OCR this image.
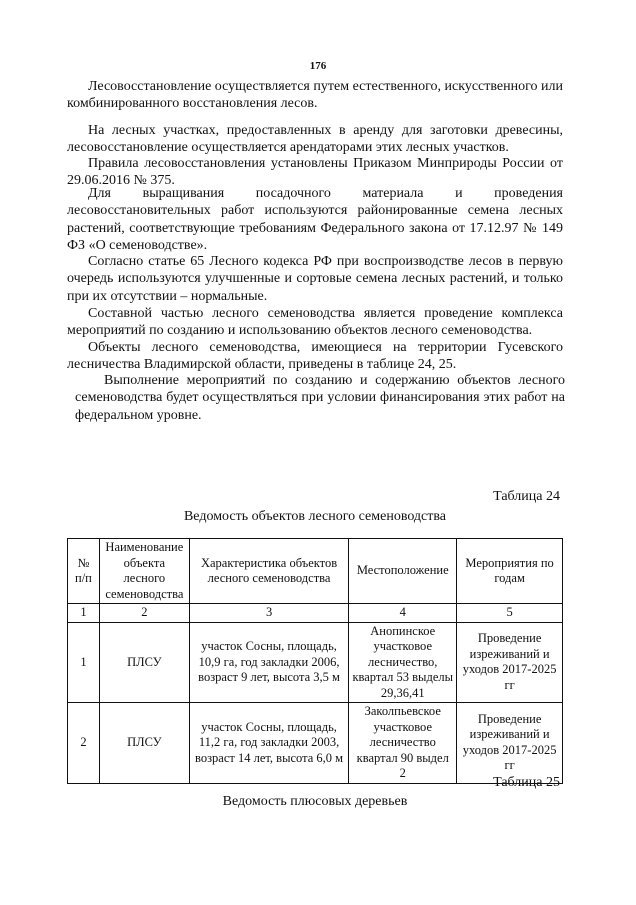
176
Лесовосстановление осуществляется путем естественного, искусственного или комбинированного восстановления лесов.
На лесных участках, предоставленных в аренду для заготовки древесины, лесовосстановление осуществляется арендаторами этих лесных участков.
Правила лесовосстановления установлены Приказом Минприроды России от 29.06.2016 № 375.
Для выращивания посадочного материала и проведения лесовосстановительных работ используются районированные семена лесных растений, соответствующие требованиям Федерального закона от 17.12.97 № 149 ФЗ «О семеноводстве».
Согласно статье 65 Лесного кодекса РФ при воспроизводстве лесов в первую очередь используются улучшенные и сортовые семена лесных растений, и только при их отсутствии – нормальные.
Составной частью лесного семеноводства является проведение комплекса мероприятий по созданию и использованию объектов лесного семеноводства.
Объекты лесного семеноводства, имеющиеся на территории Гусевского лесничества Владимирской области, приведены в таблице 24, 25.
Выполнение мероприятий по созданию и содержанию объектов лесного семеноводства будет осуществляться при условии финансирования этих работ на федеральном уровне.
Таблица 24
Ведомость объектов лесного семеноводства
№ п/п	Наименование объекта лесного семеноводства	Характеристика объектов лесного семеноводства	Местоположение	Мероприятия по годам
1	2	3	4	5
1	ПЛСУ	участок Сосны, площадь, 10,9 га, год закладки 2006, возраст 9 лет, высота 3,5 м	Анопинское участковое лесничество, квартал 53 выделы 29,36,41	Проведение изреживаний и уходов 2017-2025 гг
2	ПЛСУ	участок Сосны, площадь, 11,2 га, год закладки 2003, возраст 14 лет, высота 6,0 м	Заколпьевское участковое лесничество квартал 90 выдел 2	Проведение изреживаний и уходов 2017-2025 гг
Таблица 25
Ведомость плюсовых деревьев
